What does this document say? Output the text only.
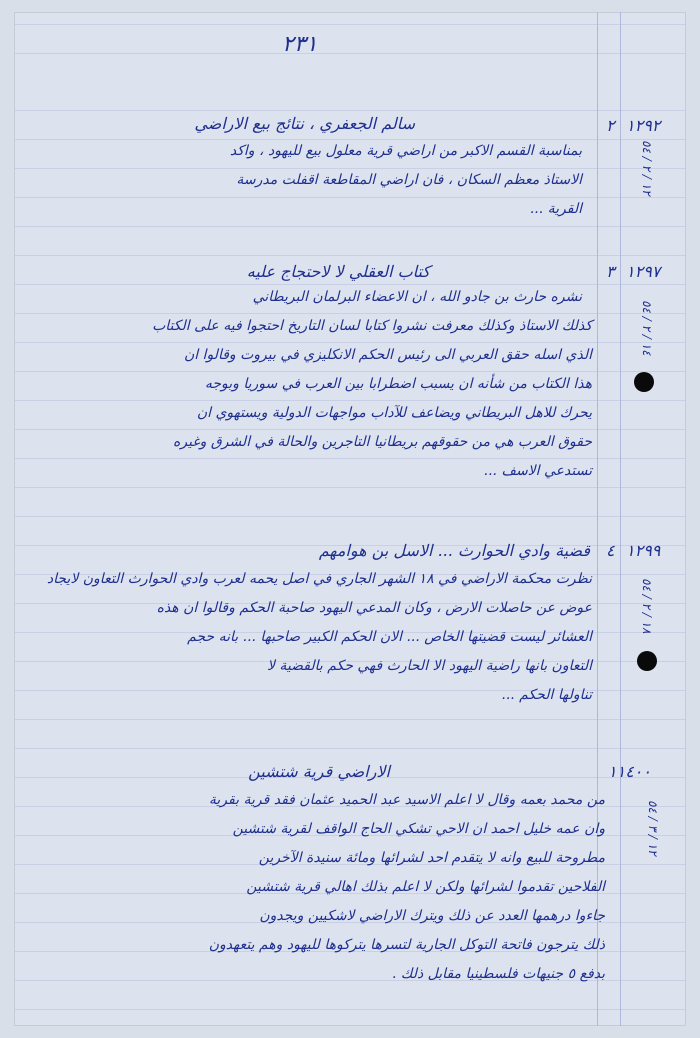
٢٣١
١٢٩٢
٢
١٢ / ٢ / ٥٤
سالم الجعفري ، نتائج بيع الاراضي
بمناسبة القسم الاكبر من اراضي قرية معلول بيع لليهود ، واكد
الاستاذ معظم السكان ، فان اراضي المقاطعة اقفلت مدرسة
القرية ...
١٢٩٧
٣
١٤ / ٢ / ٥٤
كتاب العقلي لا لاحتجاج عليه
نشره حارث بن جادو الله ، ان الاعضاء البرلمان البريطاني
كذلك الاستاذ وكذلك معرفت نشروا كتابا لسان التاريخ احتجوا فيه على الكتاب
الذي اسله حقق العربي الى رئيس الحكم الانكليزي في بيروت وقالوا ان
هذا الكتاب من شأنه ان يسبب اضطرابا بين العرب في سوريا وبوجه
يحرك للاهل البريطاني ويضاعف للآداب مواجهات الدولية ويستهوي ان
حقوق العرب هي من حقوقهم بريطانيا التاجرين والحالة في الشرق وغيره
تستدعي الاسف ...
١٢٩٩
٤
١٨ / ٢ / ٥٤
قضية وادي الحوارث ... الاسل بن هوامهم
نظرت محكمة الاراضي في ١٨ الشهر الجاري في اصل يحمه لعرب وادي الحوارث التعاون لايجاد
عوض عن حاصلات الارض ، وكان المدعي اليهود صاحبة الحكم وقالوا ان هذه
العشائر ليست قضيتها الخاص ... الان الحكم الكبير صاحبها ... بانه حجم
التعاون بانها راضية اليهود الا الحارث فهي حكم بالقضية لا
تناولها الحكم ...
١١٤٠٠
١٢ / ٣ / ٥٤
الاراضي قرية شتشين
من محمد بعمه وقال لا اعلم الاسيد عبد الحميد عثمان فقد قرية بقرية
وان عمه خليل احمد ان الاحي تشكي الحاج الواقف لقرية شتشين
مطروحة للبيع وانه لا يتقدم احد لشرائها ومائة سنيدة الآخرين
الفلاحين تقدموا لشرائها ولكن لا اعلم بذلك اهالي قرية شتشين
جاءوا درهمها العدد عن ذلك ويترك الاراضي لاشكيين ويجدون
ذلك يترجون فاتحة التوكل الجارية لتسرها يتركوها لليهود وهم يتعهدون
بدفع ٥ جنيهات فلسطينيا مقابل ذلك .
